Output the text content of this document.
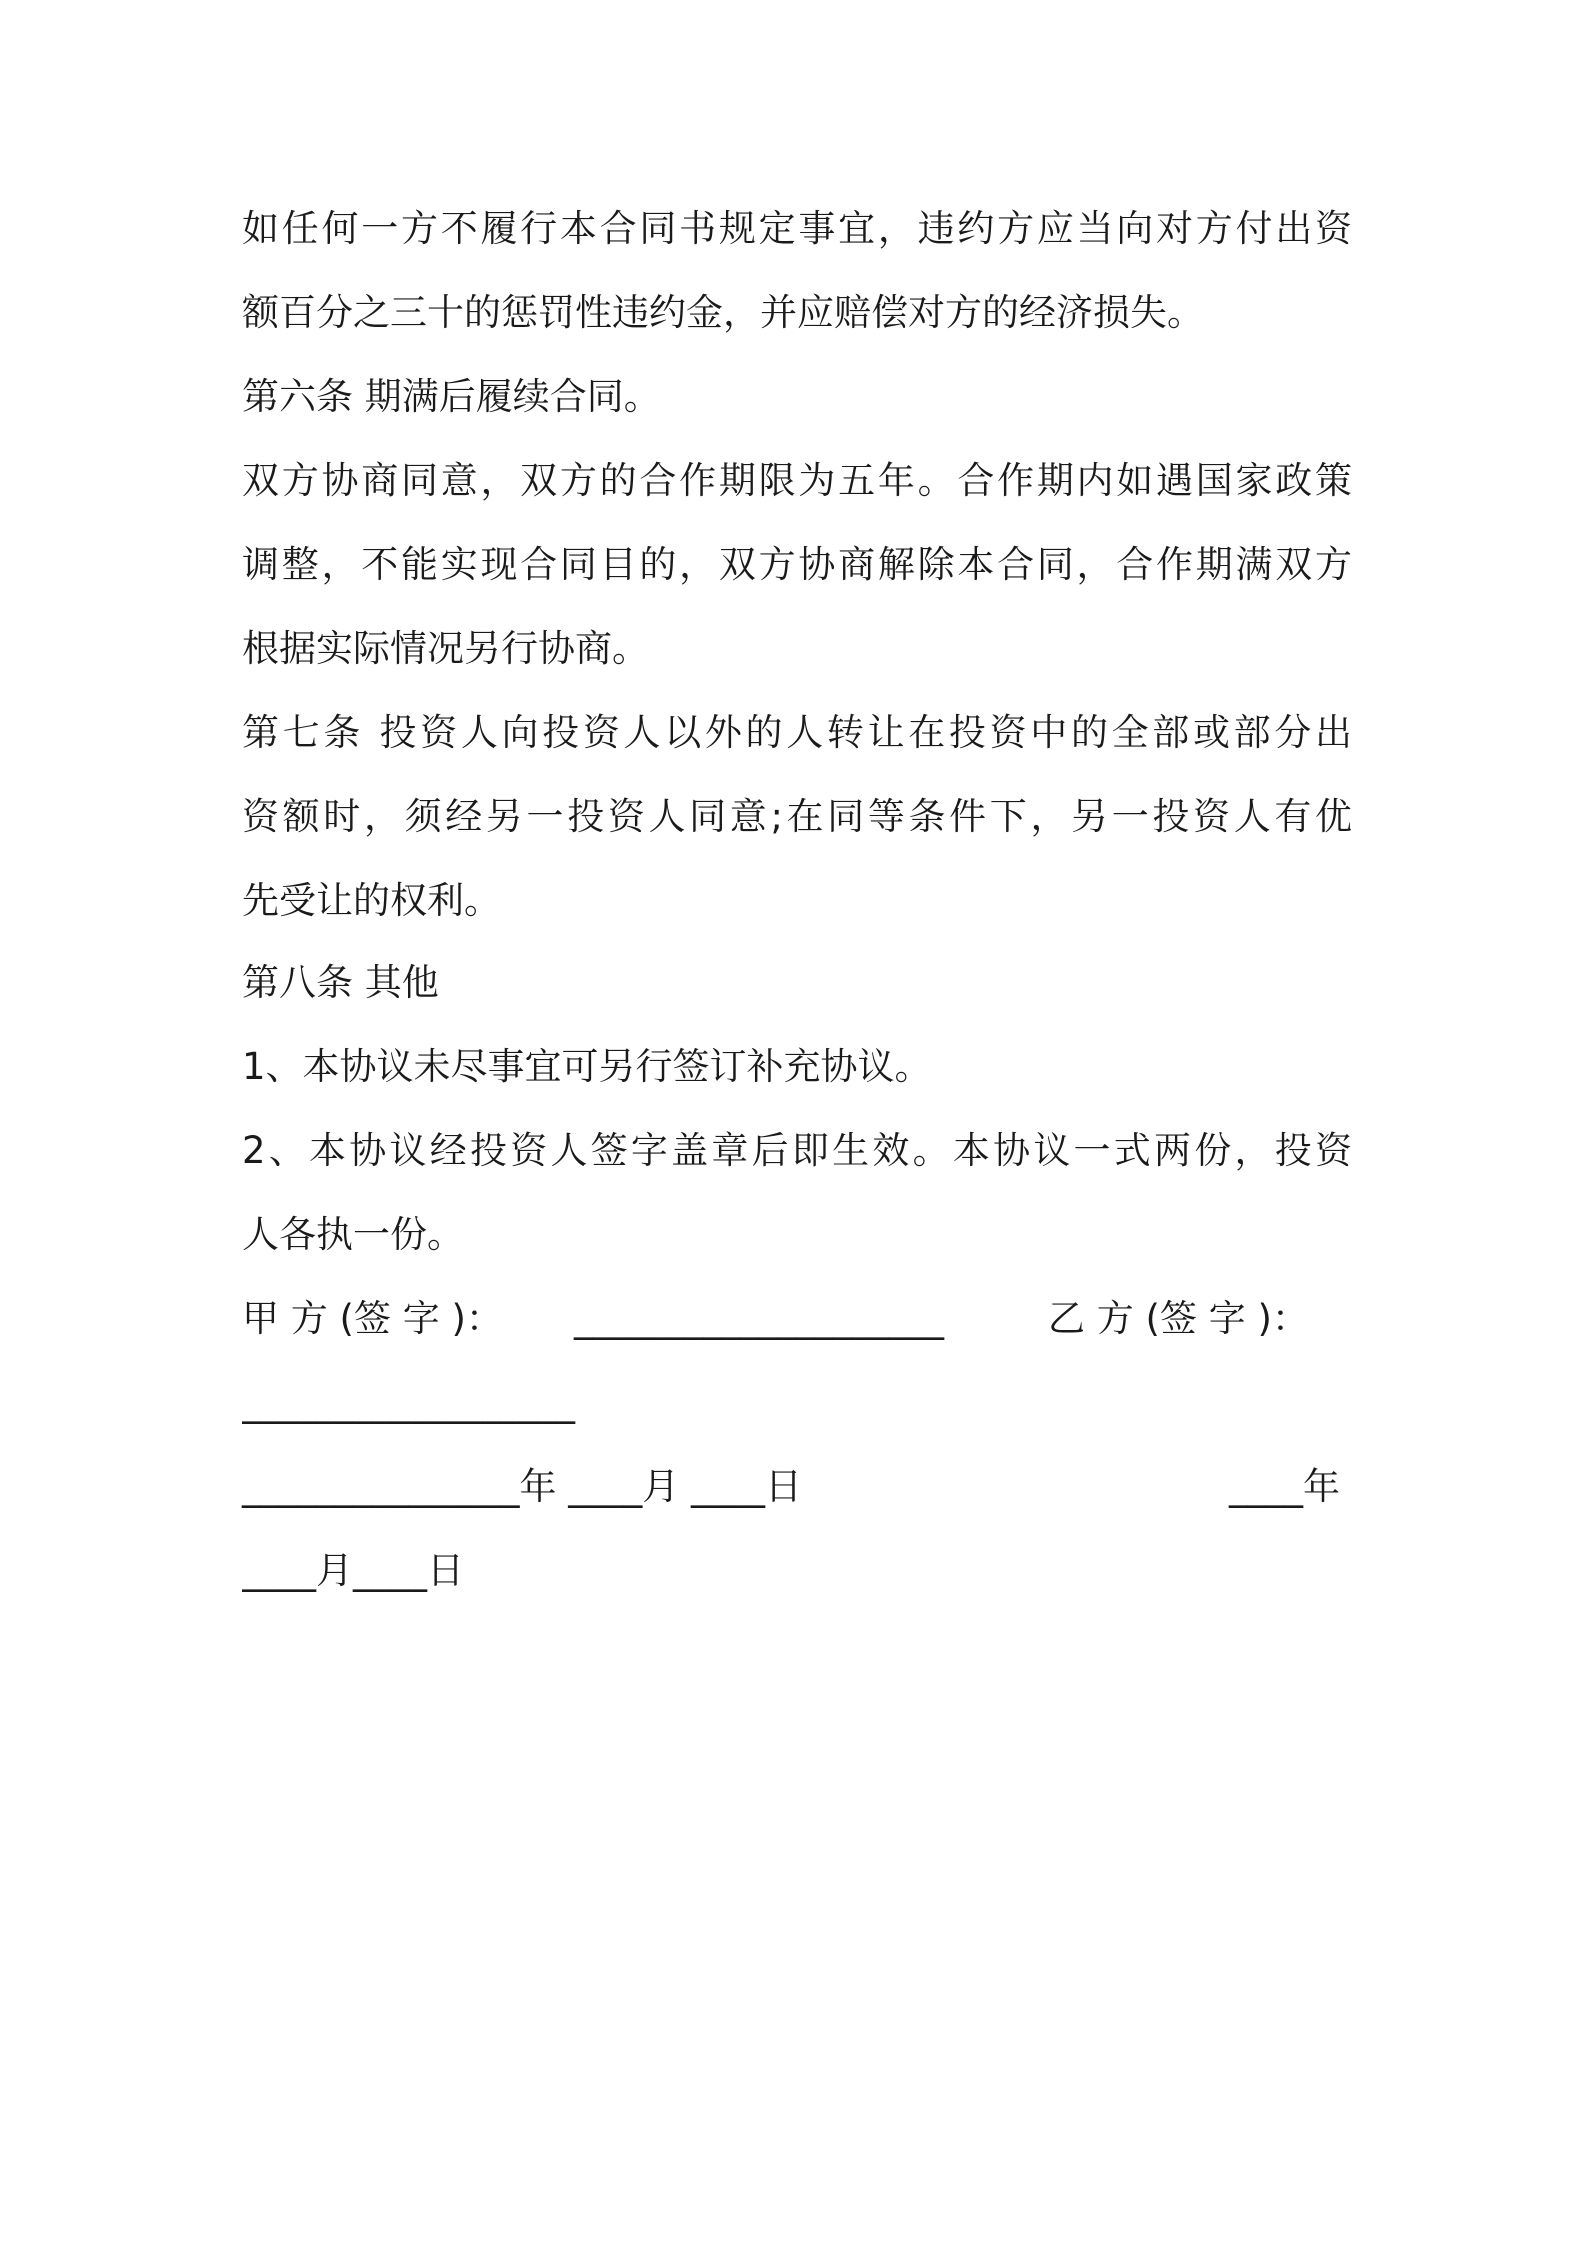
如任何一方不履行本合同书规定事宜，违约方应当向对方付出资
额百分之三十的惩罚性违约金，并应赔偿对方的经济损失。
第六条 期满后履续合同。
双方协商同意，双方的合作期限为五年。合作期内如遇国家政策
调整，不能实现合同目的，双方协商解除本合同，合作期满双方
根据实际情况另行协商。
第七条 投资人向投资人以外的人转让在投资中的全部或部分出
资额时，须经另一投资人同意;在同等条件下，另一投资人有优
先受让的权利。
第八条 其他
1、本协议未尽事宜可另行签订补充协议。
2、本协议经投资人签字盖章后即生效。本协议一式两份，投资
人各执一份。
甲 方 (签 字 )： ____________________	乙 方 (签 字 )：
__________________
_______________年 ____月 ____日	____年
____月____日
